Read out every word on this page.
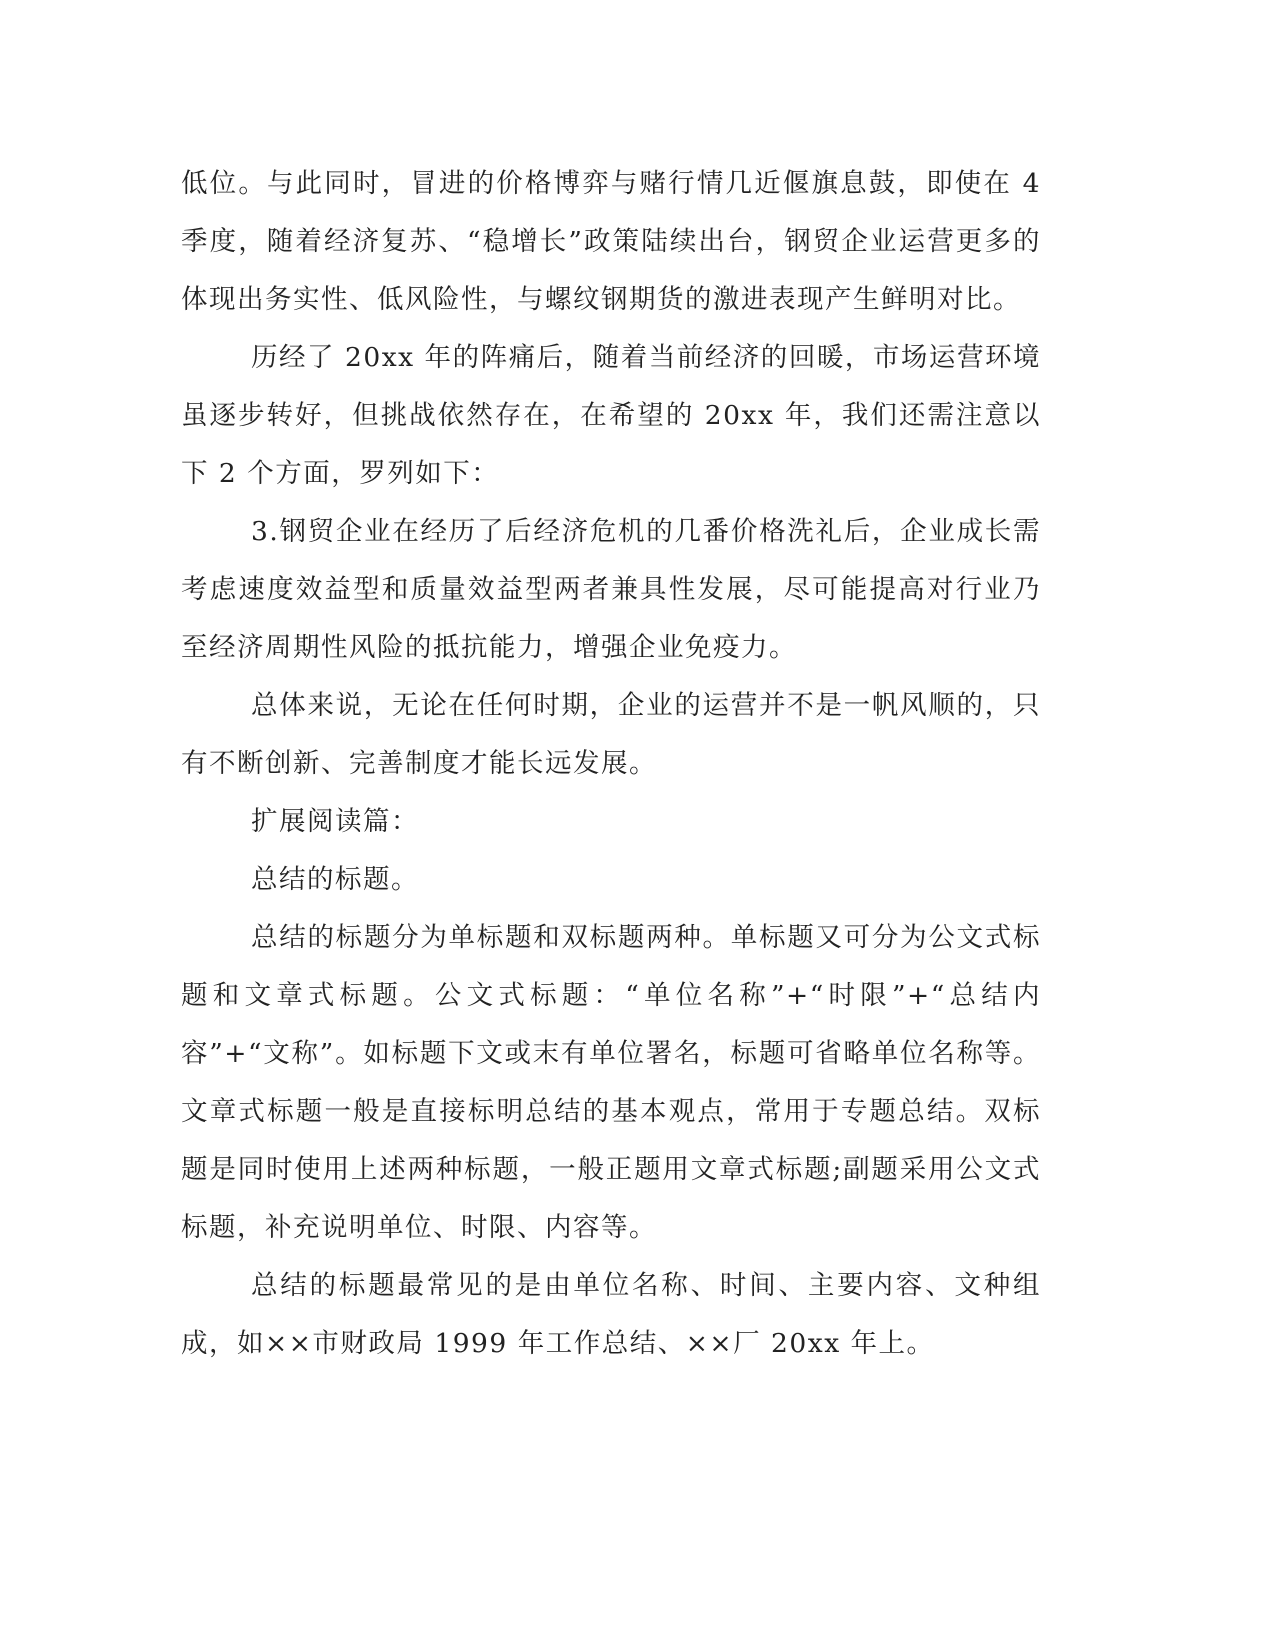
低位。与此同时，冒进的价格博弈与赌行情几近偃旗息鼓，即使在 4 季度，随着经济复苏、“稳增长”政策陆续出台，钢贸企业运营更多的体现出务实性、低风险性，与螺纹钢期货的激进表现产生鲜明对比。

历经了 20xx 年的阵痛后，随着当前经济的回暖，市场运营环境虽逐步转好，但挑战依然存在，在希望的 20xx 年，我们还需注意以下 2 个方面，罗列如下：

3.钢贸企业在经历了后经济危机的几番价格洗礼后，企业成长需考虑速度效益型和质量效益型两者兼具性发展，尽可能提高对行业乃至经济周期性风险的抵抗能力，增强企业免疫力。

总体来说，无论在任何时期，企业的运营并不是一帆风顺的，只有不断创新、完善制度才能长远发展。

扩展阅读篇：

总结的标题。

总结的标题分为单标题和双标题两种。单标题又可分为公文式标题和文章式标题。公文式标题：“单位名称”+“时限”+“总结内容”+“文称”。如标题下文或末有单位署名，标题可省略单位名称等。文章式标题一般是直接标明总结的基本观点，常用于专题总结。双标题是同时使用上述两种标题，一般正题用文章式标题;副题采用公文式标题，补充说明单位、时限、内容等。

总结的标题最常见的是由单位名称、时间、主要内容、文种组成，如××市财政局 1999 年工作总结、××厂 20xx 年上。
